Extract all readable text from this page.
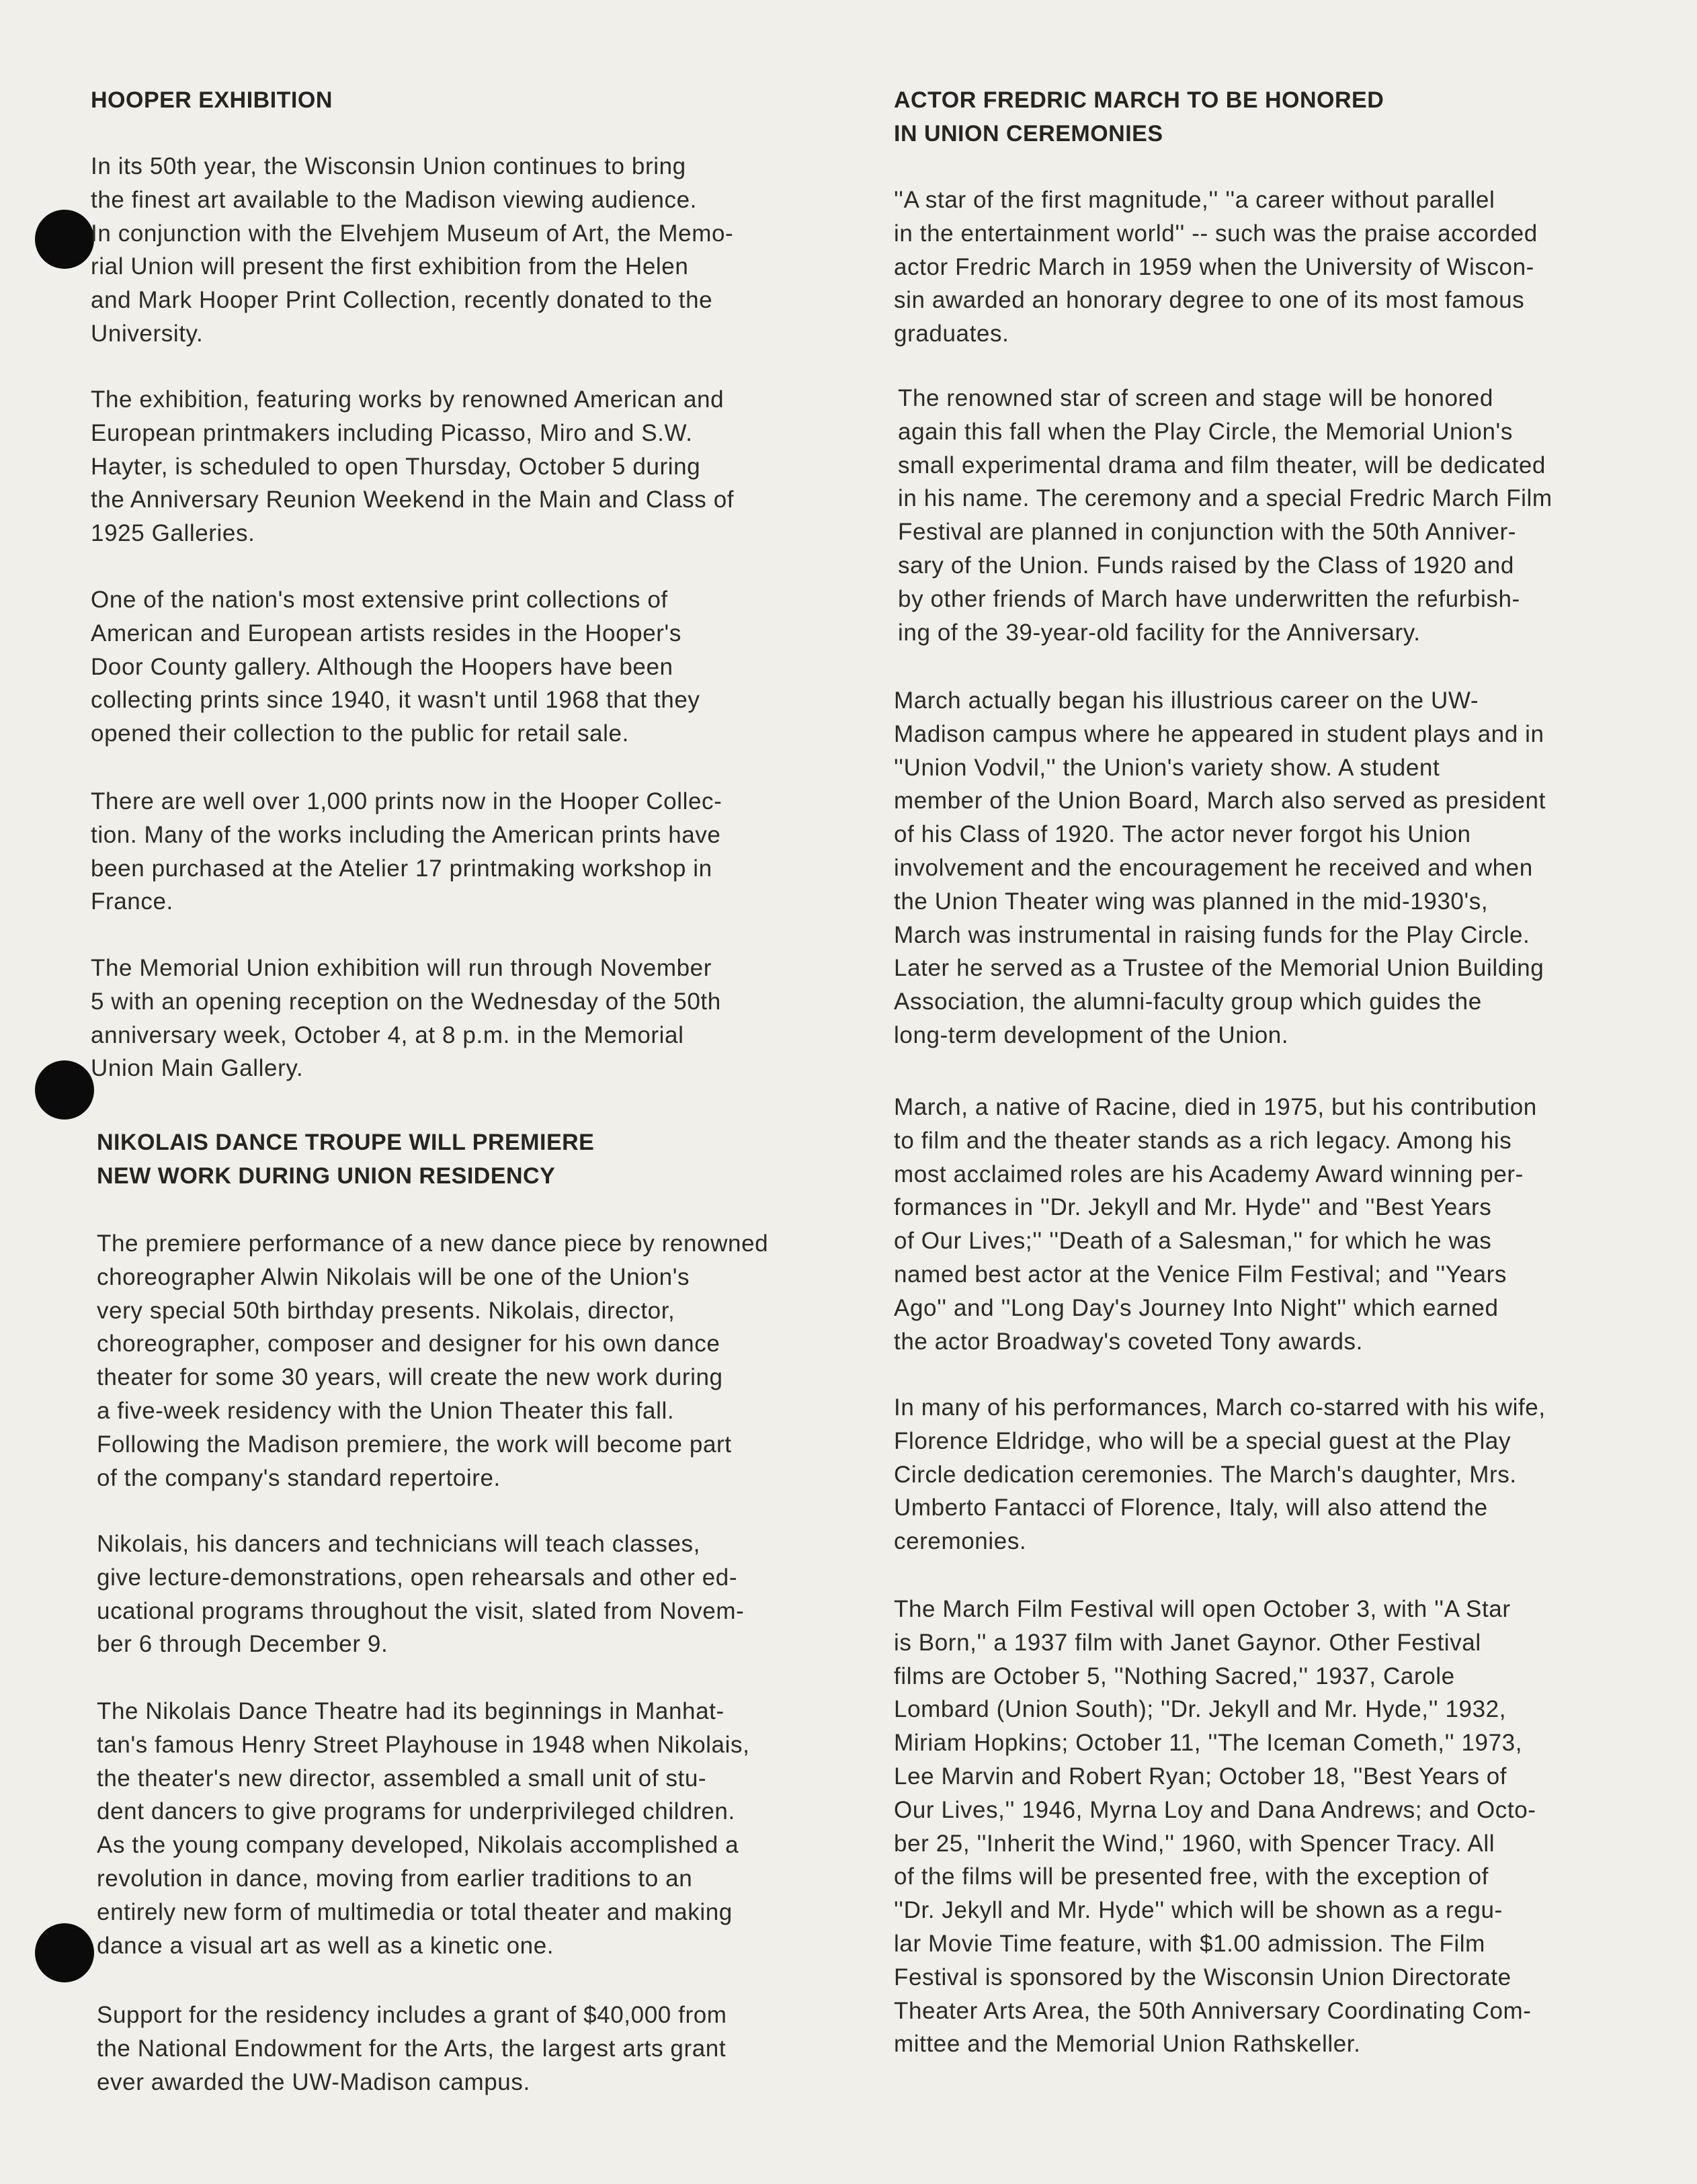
HOOPER EXHIBITION

In its 50th year, the Wisconsin Union continues to bring
the finest art available to the Madison viewing audience.
In conjunction with the Elvehjem Museum of Art, the Memo-
rial Union will present the first exhibition from the Helen
and Mark Hooper Print Collection, recently donated to the
University.

The exhibition, featuring works by renowned American and
European printmakers including Picasso, Miro and S.W.
Hayter, is scheduled to open Thursday, October 5 during
the Anniversary Reunion Weekend in the Main and Class of
1925 Galleries.

One of the nation's most extensive print collections of
American and European artists resides in the Hooper's
Door County gallery. Although the Hoopers have been
collecting prints since 1940, it wasn't until 1968 that they
opened their collection to the public for retail sale.

There are well over 1,000 prints now in the Hooper Collec-
tion. Many of the works including the American prints have
been purchased at the Atelier 17 printmaking workshop in
France.

The Memorial Union exhibition will run through November
5 with an opening reception on the Wednesday of the 50th
anniversary week, October 4, at 8 p.m. in the Memorial
Union Main Gallery.

NIKOLAIS DANCE TROUPE WILL PREMIERE
NEW WORK DURING UNION RESIDENCY

The premiere performance of a new dance piece by renowned
choreographer Alwin Nikolais will be one of the Union's
very special 50th birthday presents. Nikolais, director,
choreographer, composer and designer for his own dance
theater for some 30 years, will create the new work during
a five-week residency with the Union Theater this fall.
Following the Madison premiere, the work will become part
of the company's standard repertoire.

Nikolais, his dancers and technicians will teach classes,
give lecture-demonstrations, open rehearsals and other ed-
ucational programs throughout the visit, slated from Novem-
ber 6 through December 9.

The Nikolais Dance Theatre had its beginnings in Manhat-
tan's famous Henry Street Playhouse in 1948 when Nikolais,
the theater's new director, assembled a small unit of stu-
dent dancers to give programs for underprivileged children.
As the young company developed, Nikolais accomplished a
revolution in dance, moving from earlier traditions to an
entirely new form of multimedia or total theater and making
dance a visual art as well as a kinetic one.

Support for the residency includes a grant of $40,000 from
the National Endowment for the Arts, the largest arts grant
ever awarded the UW-Madison campus.

ACTOR FREDRIC MARCH TO BE HONORED
IN UNION CEREMONIES

''A star of the first magnitude,'' ''a career without parallel
in the entertainment world'' -- such was the praise accorded
actor Fredric March in 1959 when the University of Wiscon-
sin awarded an honorary degree to one of its most famous
graduates.

The renowned star of screen and stage will be honored
again this fall when the Play Circle, the Memorial Union's
small experimental drama and film theater, will be dedicated
in his name. The ceremony and a special Fredric March Film
Festival are planned in conjunction with the 50th Anniver-
sary of the Union. Funds raised by the Class of 1920 and
by other friends of March have underwritten the refurbish-
ing of the 39-year-old facility for the Anniversary.

March actually began his illustrious career on the UW-
Madison campus where he appeared in student plays and in
''Union Vodvil,'' the Union's variety show. A student
member of the Union Board, March also served as president
of his Class of 1920. The actor never forgot his Union
involvement and the encouragement he received and when
the Union Theater wing was planned in the mid-1930's,
March was instrumental in raising funds for the Play Circle.
Later he served as a Trustee of the Memorial Union Building
Association, the alumni-faculty group which guides the
long-term development of the Union.

March, a native of Racine, died in 1975, but his contribution
to film and the theater stands as a rich legacy. Among his
most acclaimed roles are his Academy Award winning per-
formances in ''Dr. Jekyll and Mr. Hyde'' and ''Best Years
of Our Lives;'' ''Death of a Salesman,'' for which he was
named best actor at the Venice Film Festival; and ''Years
Ago'' and ''Long Day's Journey Into Night'' which earned
the actor Broadway's coveted Tony awards.

In many of his performances, March co-starred with his wife,
Florence Eldridge, who will be a special guest at the Play
Circle dedication ceremonies. The March's daughter, Mrs.
Umberto Fantacci of Florence, Italy, will also attend the
ceremonies.

The March Film Festival will open October 3, with ''A Star
is Born,'' a 1937 film with Janet Gaynor. Other Festival
films are October 5, ''Nothing Sacred,'' 1937, Carole
Lombard (Union South); ''Dr. Jekyll and Mr. Hyde,'' 1932,
Miriam Hopkins; October 11, ''The Iceman Cometh,'' 1973,
Lee Marvin and Robert Ryan; October 18, ''Best Years of
Our Lives,'' 1946, Myrna Loy and Dana Andrews; and Octo-
ber 25, ''Inherit the Wind,'' 1960, with Spencer Tracy. All
of the films will be presented free, with the exception of
''Dr. Jekyll and Mr. Hyde'' which will be shown as a regu-
lar Movie Time feature, with $1.00 admission. The Film
Festival is sponsored by the Wisconsin Union Directorate
Theater Arts Area, the 50th Anniversary Coordinating Com-
mittee and the Memorial Union Rathskeller.
